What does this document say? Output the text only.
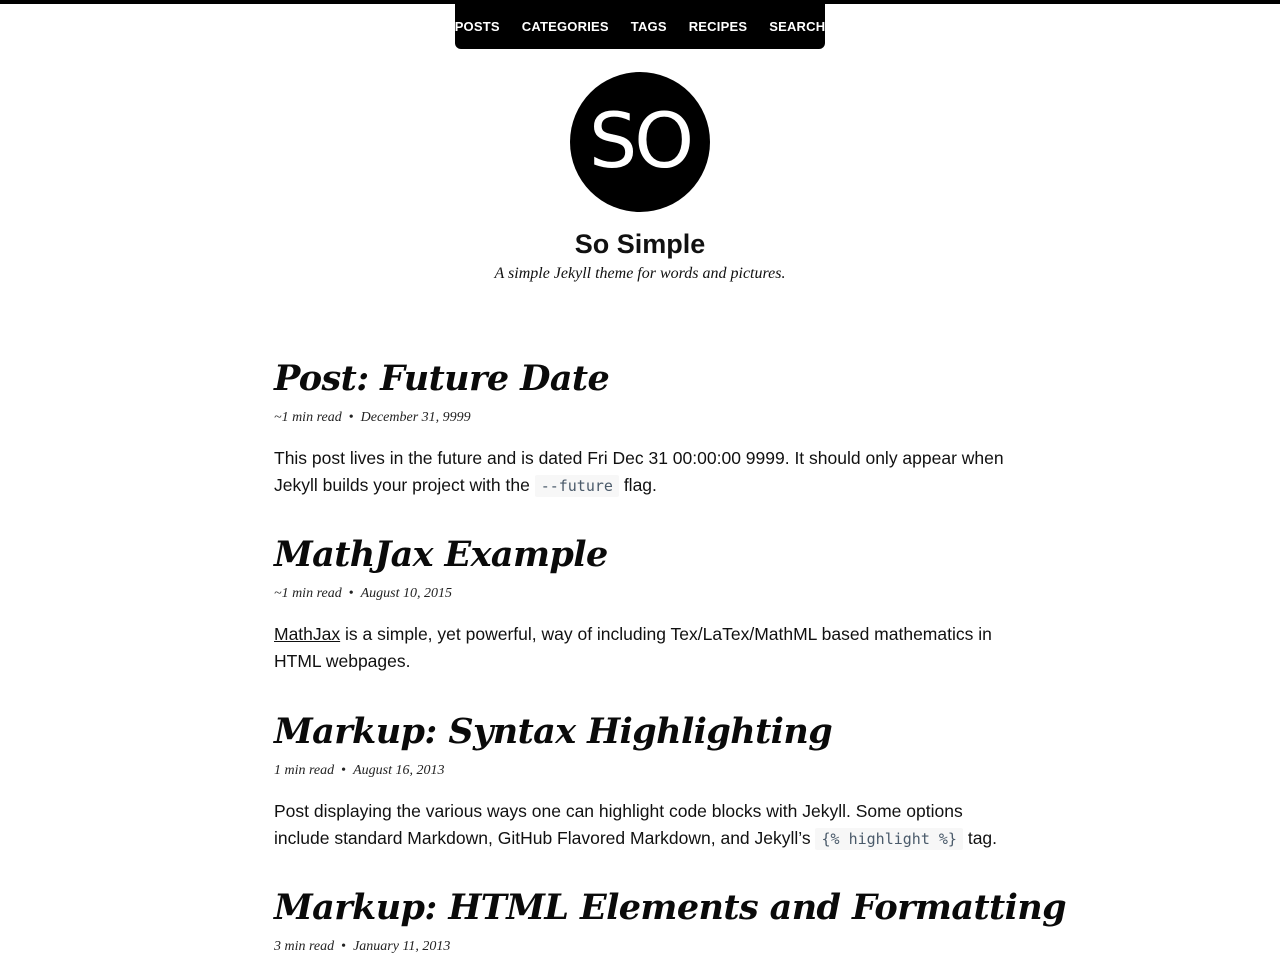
POSTS CATEGORIES TAGS RECIPES SEARCH
SO
So Simple

A simple Jekyll theme for words and pictures.

Post: Future Date
~1 min read • December 31, 9999

This post lives in the future and is dated Fri Dec 31 00:00:00 9999. It should only appear when Jekyll builds your project with the --future flag.

MathJax Example
~1 min read • August 10, 2015

MathJax is a simple, yet powerful, way of including Tex/LaTex/MathML based mathematics in HTML webpages.

Markup: Syntax Highlighting
1 min read • August 16, 2013

Post displaying the various ways one can highlight code blocks with Jekyll. Some options include standard Markdown, GitHub Flavored Markdown, and Jekyll’s {% highlight %} tag.

Markup: HTML Elements and Formatting
3 min read • January 11, 2013
